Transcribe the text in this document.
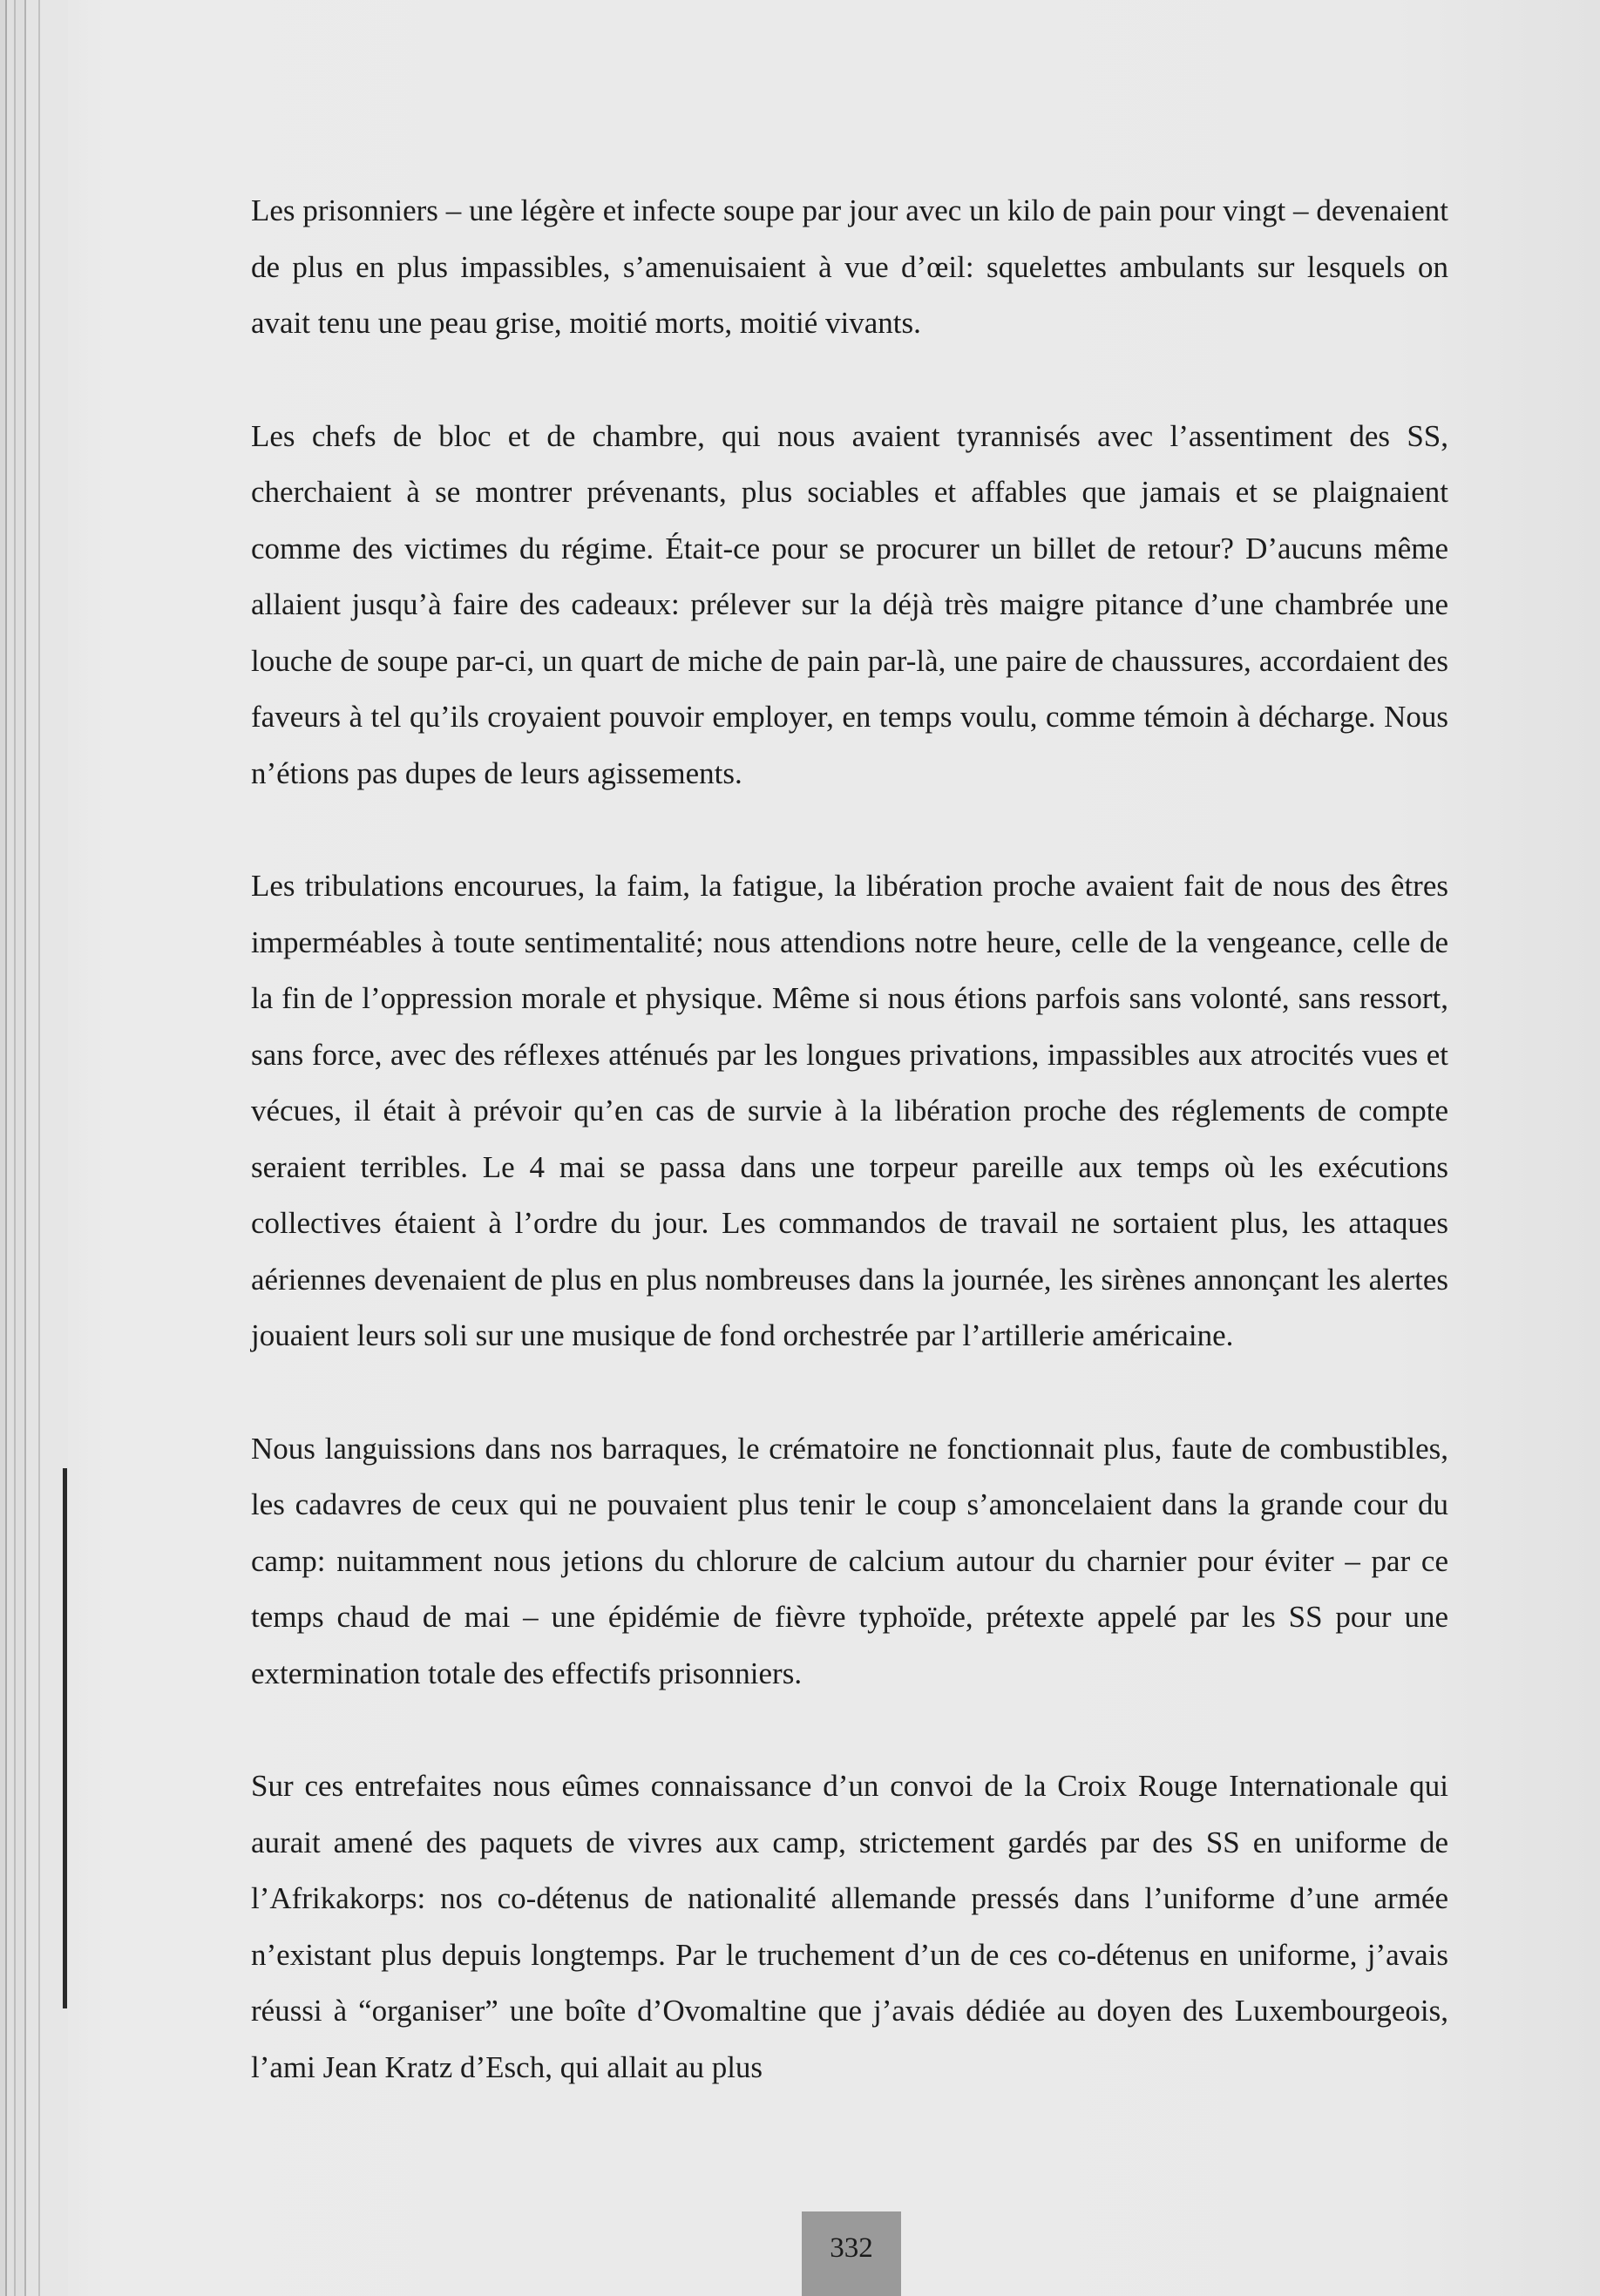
Les prisonniers – une légère et infecte soupe par jour avec un kilo de pain pour vingt – devenaient de plus en plus impassibles, s’amenuisaient à vue d’œil: squelettes ambulants sur lesquels on avait tenu une peau grise, moitié morts, moitié vivants.

Les chefs de bloc et de chambre, qui nous avaient tyrannisés avec l’assentiment des SS, cherchaient à se montrer prévenants, plus sociables et affables que jamais et se plaignaient comme des victimes du régime. Était-ce pour se procurer un billet de retour? D’aucuns même allaient jusqu’à faire des cadeaux: prélever sur la déjà très maigre pitance d’une chambrée une louche de soupe par-ci, un quart de miche de pain par-là, une paire de chaussures, accordaient des faveurs à tel qu’ils croyaient pouvoir employer, en temps voulu, comme témoin à décharge. Nous n’étions pas dupes de leurs agissements.

Les tribulations encourues, la faim, la fatigue, la libération proche avaient fait de nous des êtres imperméables à toute sentimentalité; nous attendions notre heure, celle de la vengeance, celle de la fin de l’oppression morale et physique. Même si nous étions parfois sans volonté, sans ressort, sans force, avec des réflexes atténués par les longues privations, impassibles aux atrocités vues et vécues, il était à prévoir qu’en cas de survie à la libération proche des réglements de compte seraient terribles. Le 4 mai se passa dans une torpeur pareille aux temps où les exécutions collectives étaient à l’ordre du jour. Les commandos de travail ne sortaient plus, les attaques aériennes devenaient de plus en plus nombreuses dans la journée, les sirènes annonçant les alertes jouaient leurs soli sur une musique de fond orchestrée par l’artillerie américaine.

Nous languissions dans nos barraques, le crématoire ne fonctionnait plus, faute de combustibles, les cadavres de ceux qui ne pouvaient plus tenir le coup s’amoncelaient dans la grande cour du camp: nuitamment nous jetions du chlorure de calcium autour du charnier pour éviter – par ce temps chaud de mai – une épidémie de fièvre typhoïde, prétexte appelé par les SS pour une extermination totale des effectifs prisonniers.

Sur ces entrefaites nous eûmes connaissance d’un convoi de la Croix Rouge Internationale qui aurait amené des paquets de vivres aux camp, strictement gardés par des SS en uniforme de l’Afrikakorps: nos co-détenus de nationalité allemande pressés dans l’uniforme d’une armée n’existant plus depuis longtemps. Par le truchement d’un de ces co-détenus en uniforme, j’avais réussi à “organiser” une boîte d’Ovomaltine que j’avais dédiée au doyen des Luxembourgeois, l’ami Jean Kratz d’Esch, qui allait au plus

332
